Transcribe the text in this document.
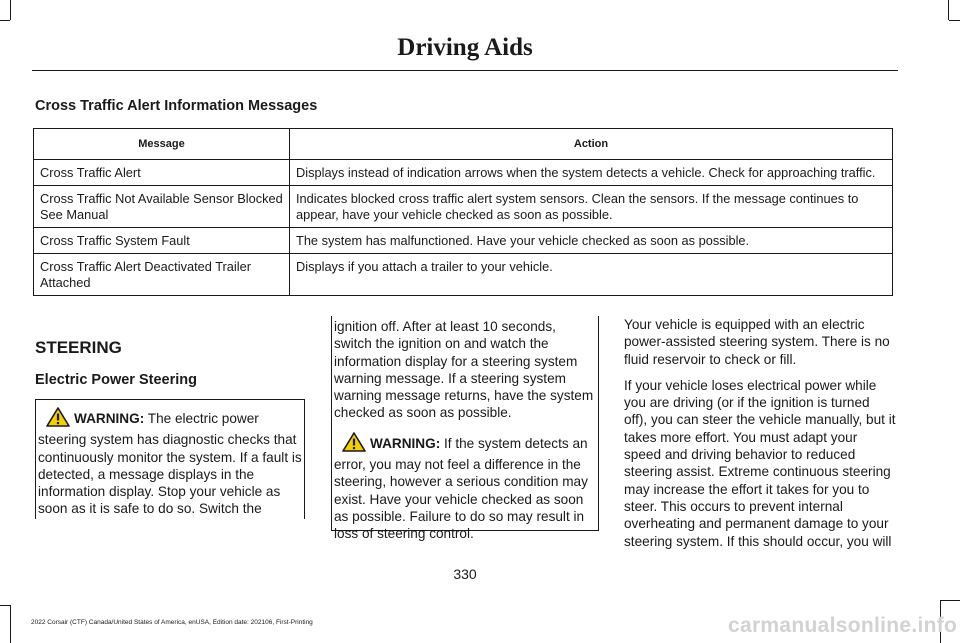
Driving Aids
Cross Traffic Alert Information Messages
Message	Action
Cross Traffic Alert	Displays instead of indication arrows when the system detects a vehicle. Check for approaching traffic.
Cross Traffic Not Available Sensor Blocked See Manual	Indicates blocked cross traffic alert system sensors. Clean the sensors. If the message continues to appear, have your vehicle checked as soon as possible.
Cross Traffic System Fault	The system has malfunctioned. Have your vehicle checked as soon as possible.
Cross Traffic Alert Deactivated Trailer Attached	Displays if you attach a trailer to your vehicle.
STEERING
Electric Power Steering
WARNING: The electric power steering system has diagnostic checks that continuously monitor the system. If a fault is detected, a message displays in the information display. Stop your vehicle as soon as it is safe to do so. Switch the
ignition off. After at least 10 seconds, switch the ignition on and watch the information display for a steering system warning message. If a steering system warning message returns, have the system checked as soon as possible.
WARNING: If the system detects an error, you may not feel a difference in the steering, however a serious condition may exist. Have your vehicle checked as soon as possible. Failure to do so may result in loss of steering control.

Your vehicle is equipped with an electric power-assisted steering system. There is no fluid reservoir to check or fill.

If your vehicle loses electrical power while you are driving (or if the ignition is turned off), you can steer the vehicle manually, but it takes more effort. You must adapt your speed and driving behavior to reduced steering assist. Extreme continuous steering may increase the effort it takes for you to steer. This occurs to prevent internal overheating and permanent damage to your steering system. If this should occur, you will

330
2022 Corsair (CTF) Canada/United States of America, enUSA, Edition date: 202106, First-Printing	carmanualsonline.info
